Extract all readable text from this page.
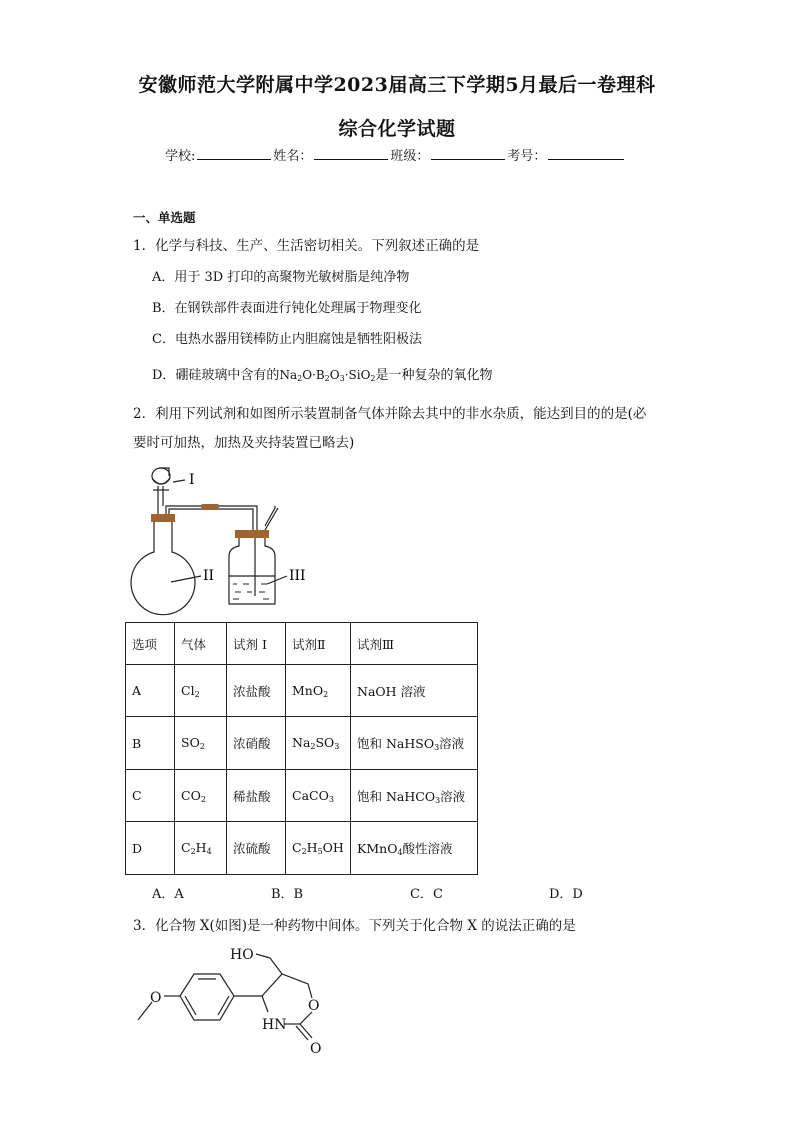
安徽师范大学附属中学2023届高三下学期5月最后一卷理科
综合化学试题
学校:	姓名：	班级：	考号：
一、单选题
1．化学与科技、生产、生活密切相关。下列叙述正确的是
A．用于 3D 打印的高聚物光敏树脂是纯净物
B．在钢铁部件表面进行钝化处理属于物理变化
C．电热水器用镁棒防止内胆腐蚀是牺牲阳极法
D．硼硅玻璃中含有的$Na_2O\cdot B_2O_3\cdot SiO_2$是一种复杂的氧化物
2．利用下列试剂和如图所示装置制备气体并除去其中的非水杂质，能达到目的的是(必
要时可加热，加热及夹持装置已略去)
I
II	III
选项	气体	试剂 I	试剂Ⅱ	试剂Ⅲ
A	$Cl_2$	浓盐酸	MnO$_2$	NaOH 溶液
B	$SO_2$	浓硝酸	$Na_2SO_3$	饱和 NaHSO$_3$溶液
C	$CO_2$	稀盐酸	CaCO$_3$	饱和 NaHCO$_3$溶液
D	$C_2H_4$	浓硫酸	$C_2H_5OH$	KMnO$_4$酸性溶液
A．A	B．B	C．C	D．D
3．化合物 X(如图)是一种药物中间体。下列关于化合物 X 的说法正确的是
O
HO
O
HN
O
